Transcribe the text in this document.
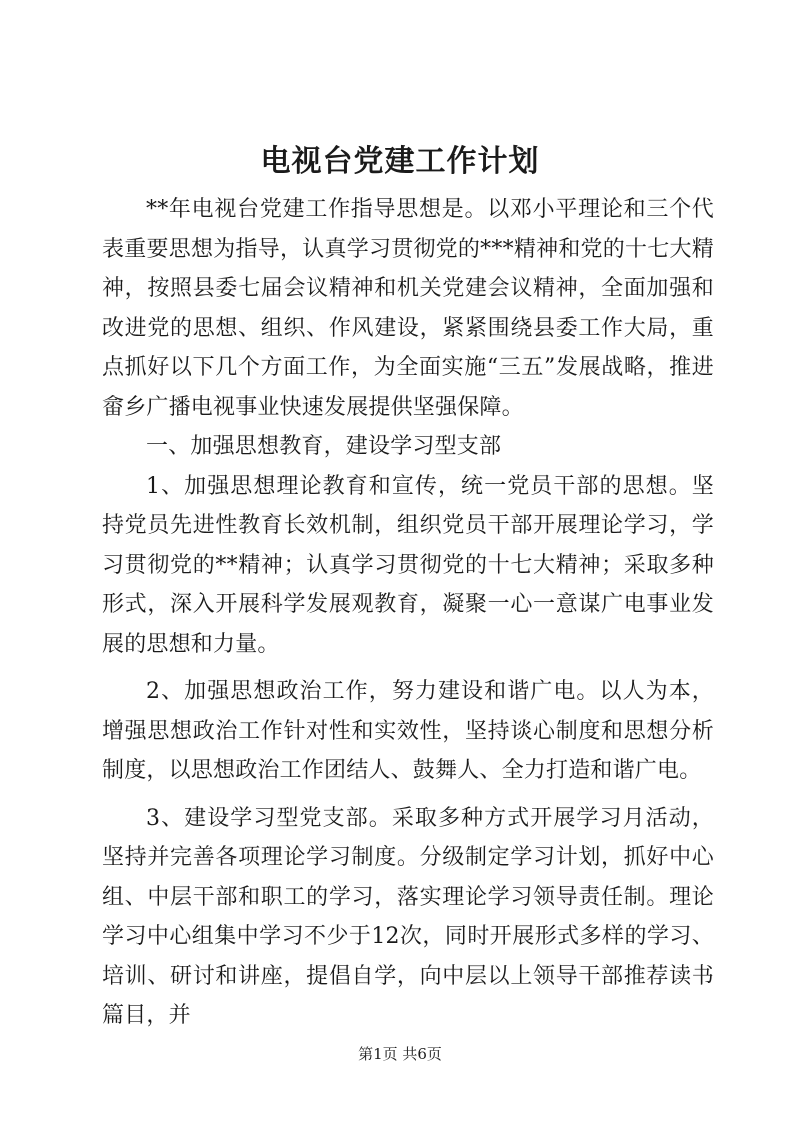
电视台党建工作计划

**年电视台党建工作指导思想是。以邓小平理论和三个代表重要思想为指导，认真学习贯彻党的***精神和党的十七大精神，按照县委七届会议精神和机关党建会议精神，全面加强和改进党的思想、组织、作风建设，紧紧围绕县委工作大局，重点抓好以下几个方面工作，为全面实施“三五”发展战略，推进畲乡广播电视事业快速发展提供坚强保障。

一、加强思想教育，建设学习型支部

1、加强思想理论教育和宣传，统一党员干部的思想。坚持党员先进性教育长效机制，组织党员干部开展理论学习，学习贯彻党的**精神；认真学习贯彻党的十七大精神；采取多种形式，深入开展科学发展观教育，凝聚一心一意谋广电事业发展的思想和力量。

2、加强思想政治工作，努力建设和谐广电。以人为本，增强思想政治工作针对性和实效性，坚持谈心制度和思想分析制度，以思想政治工作团结人、鼓舞人、全力打造和谐广电。

3、建设学习型党支部。采取多种方式开展学习月活动，坚持并完善各项理论学习制度。分级制定学习计划，抓好中心组、中层干部和职工的学习，落实理论学习领导责任制。理论学习中心组集中学习不少于12次，同时开展形式多样的学习、培训、研讨和讲座，提倡自学，向中层以上领导干部推荐读书篇目，并

第1页 共6页
